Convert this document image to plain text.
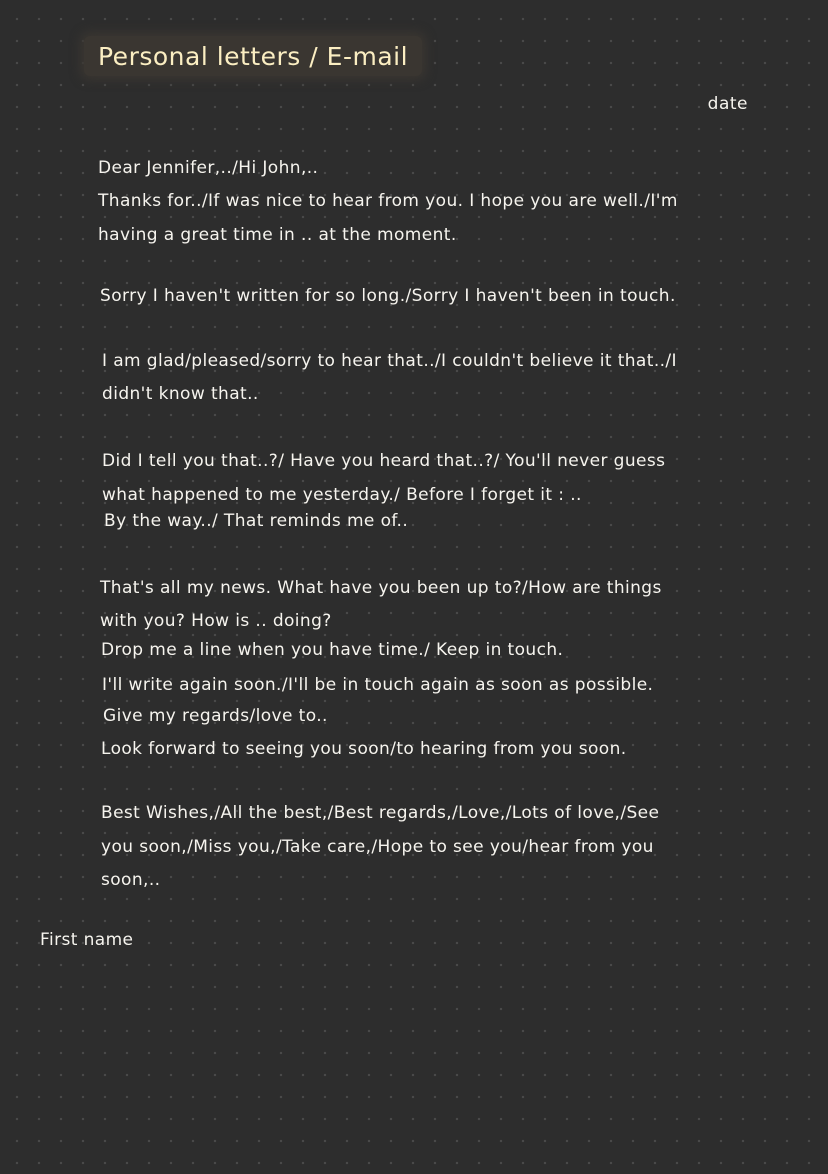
Personal letters / E-mail
date
Dear Jennifer,../Hi John,..
Thanks for../If was nice to hear from you. I hope you are well./I'm
having a great time in .. at the moment.
Sorry I haven't written for so long./Sorry I haven't been in touch.
I am glad/pleased/sorry to hear that../I couldn't believe it that../I
didn't know that..
Did I tell you that..?/ Have you heard that..?/ You'll never guess
what happened to me yesterday./ Before I forget it : ..
By the way../ That reminds me of..
That's all my news. What have you been up to?/How are things
with you? How is .. doing?
Drop me a line when you have time./ Keep in touch.
I'll write again soon./I'll be in touch again as soon as possible.
Give my regards/love to..
Look forward to seeing you soon/to hearing from you soon.
Best Wishes,/All the best,/Best regards,/Love,/Lots of love,/See
you soon,/Miss you,/Take care,/Hope to see you/hear from you
soon,..
First name
